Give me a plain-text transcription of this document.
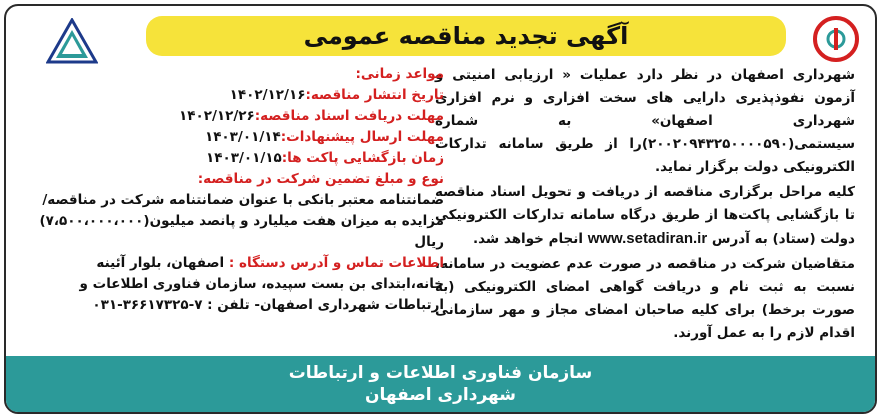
آگهی تجدید مناقصه عمومی

شهرداری اصفهان در نظر دارد عملیات « ارزیابی امنیتی و آزمون نفوذپذیری دارایی های سخت افزاری و نرم افزاری شهرداری اصفهان» به شماره سیستمی(۲۰۰۲۰۹۴۳۲۵۰۰۰۰۵۹۰)را از طریق سامانه تدارکات الکترونیکی دولت برگزار نماید.

کلیه مراحل برگزاری مناقصه از دریافت و تحویل اسناد مناقصه تا بازگشایی پاکت‌ها از طریق درگاه سامانه تدارکات الکترونیکی دولت (ستاد) به آدرس www.setadiran.ir انجام خواهد شد.

متقاضیان شرکت در مناقصه در صورت عدم عضویت در سامانه، نسبت به ثبت نام و دریافت گواهی امضای الکترونیکی (به صورت برخط) برای کلیه صاحبان امضای مجاز و مهر سازمانی اقدام لازم را به عمل آورند.

مواعد زمانی:
تاریخ انتشار مناقصه:
۱۴۰۲/۱۲/۱۶
مهلت دریافت اسناد مناقصه:
۱۴۰۲/۱۲/۲۶
مهلت ارسال پیشنهادات:
۱۴۰۳/۰۱/۱۴
زمان بازگشایی پاکت ها:
۱۴۰۳/۰۱/۱۵
نوع و مبلغ تضمین شرکت در مناقصه:
ضمانتنامه معتبر بانکی با عنوان ضمانتنامه شرکت در مناقصه/مزایده به میزان هفت میلیارد و پانصد میلیون(۷،۵۰۰،۰۰۰،۰۰۰) ریال
اطلاعات تماس و آدرس دستگاه : اصفهان، بلوار آئینه خانه،ابتدای بن بست سپیده، سازمان فناوری اطلاعات و ارتباطات شهرداری اصفهان- تلفن : ۷-۳۶۶۱۷۳۲۵-۰۳۱
سازمان فناوری اطلاعات و ارتباطات
شهرداری اصفهان
